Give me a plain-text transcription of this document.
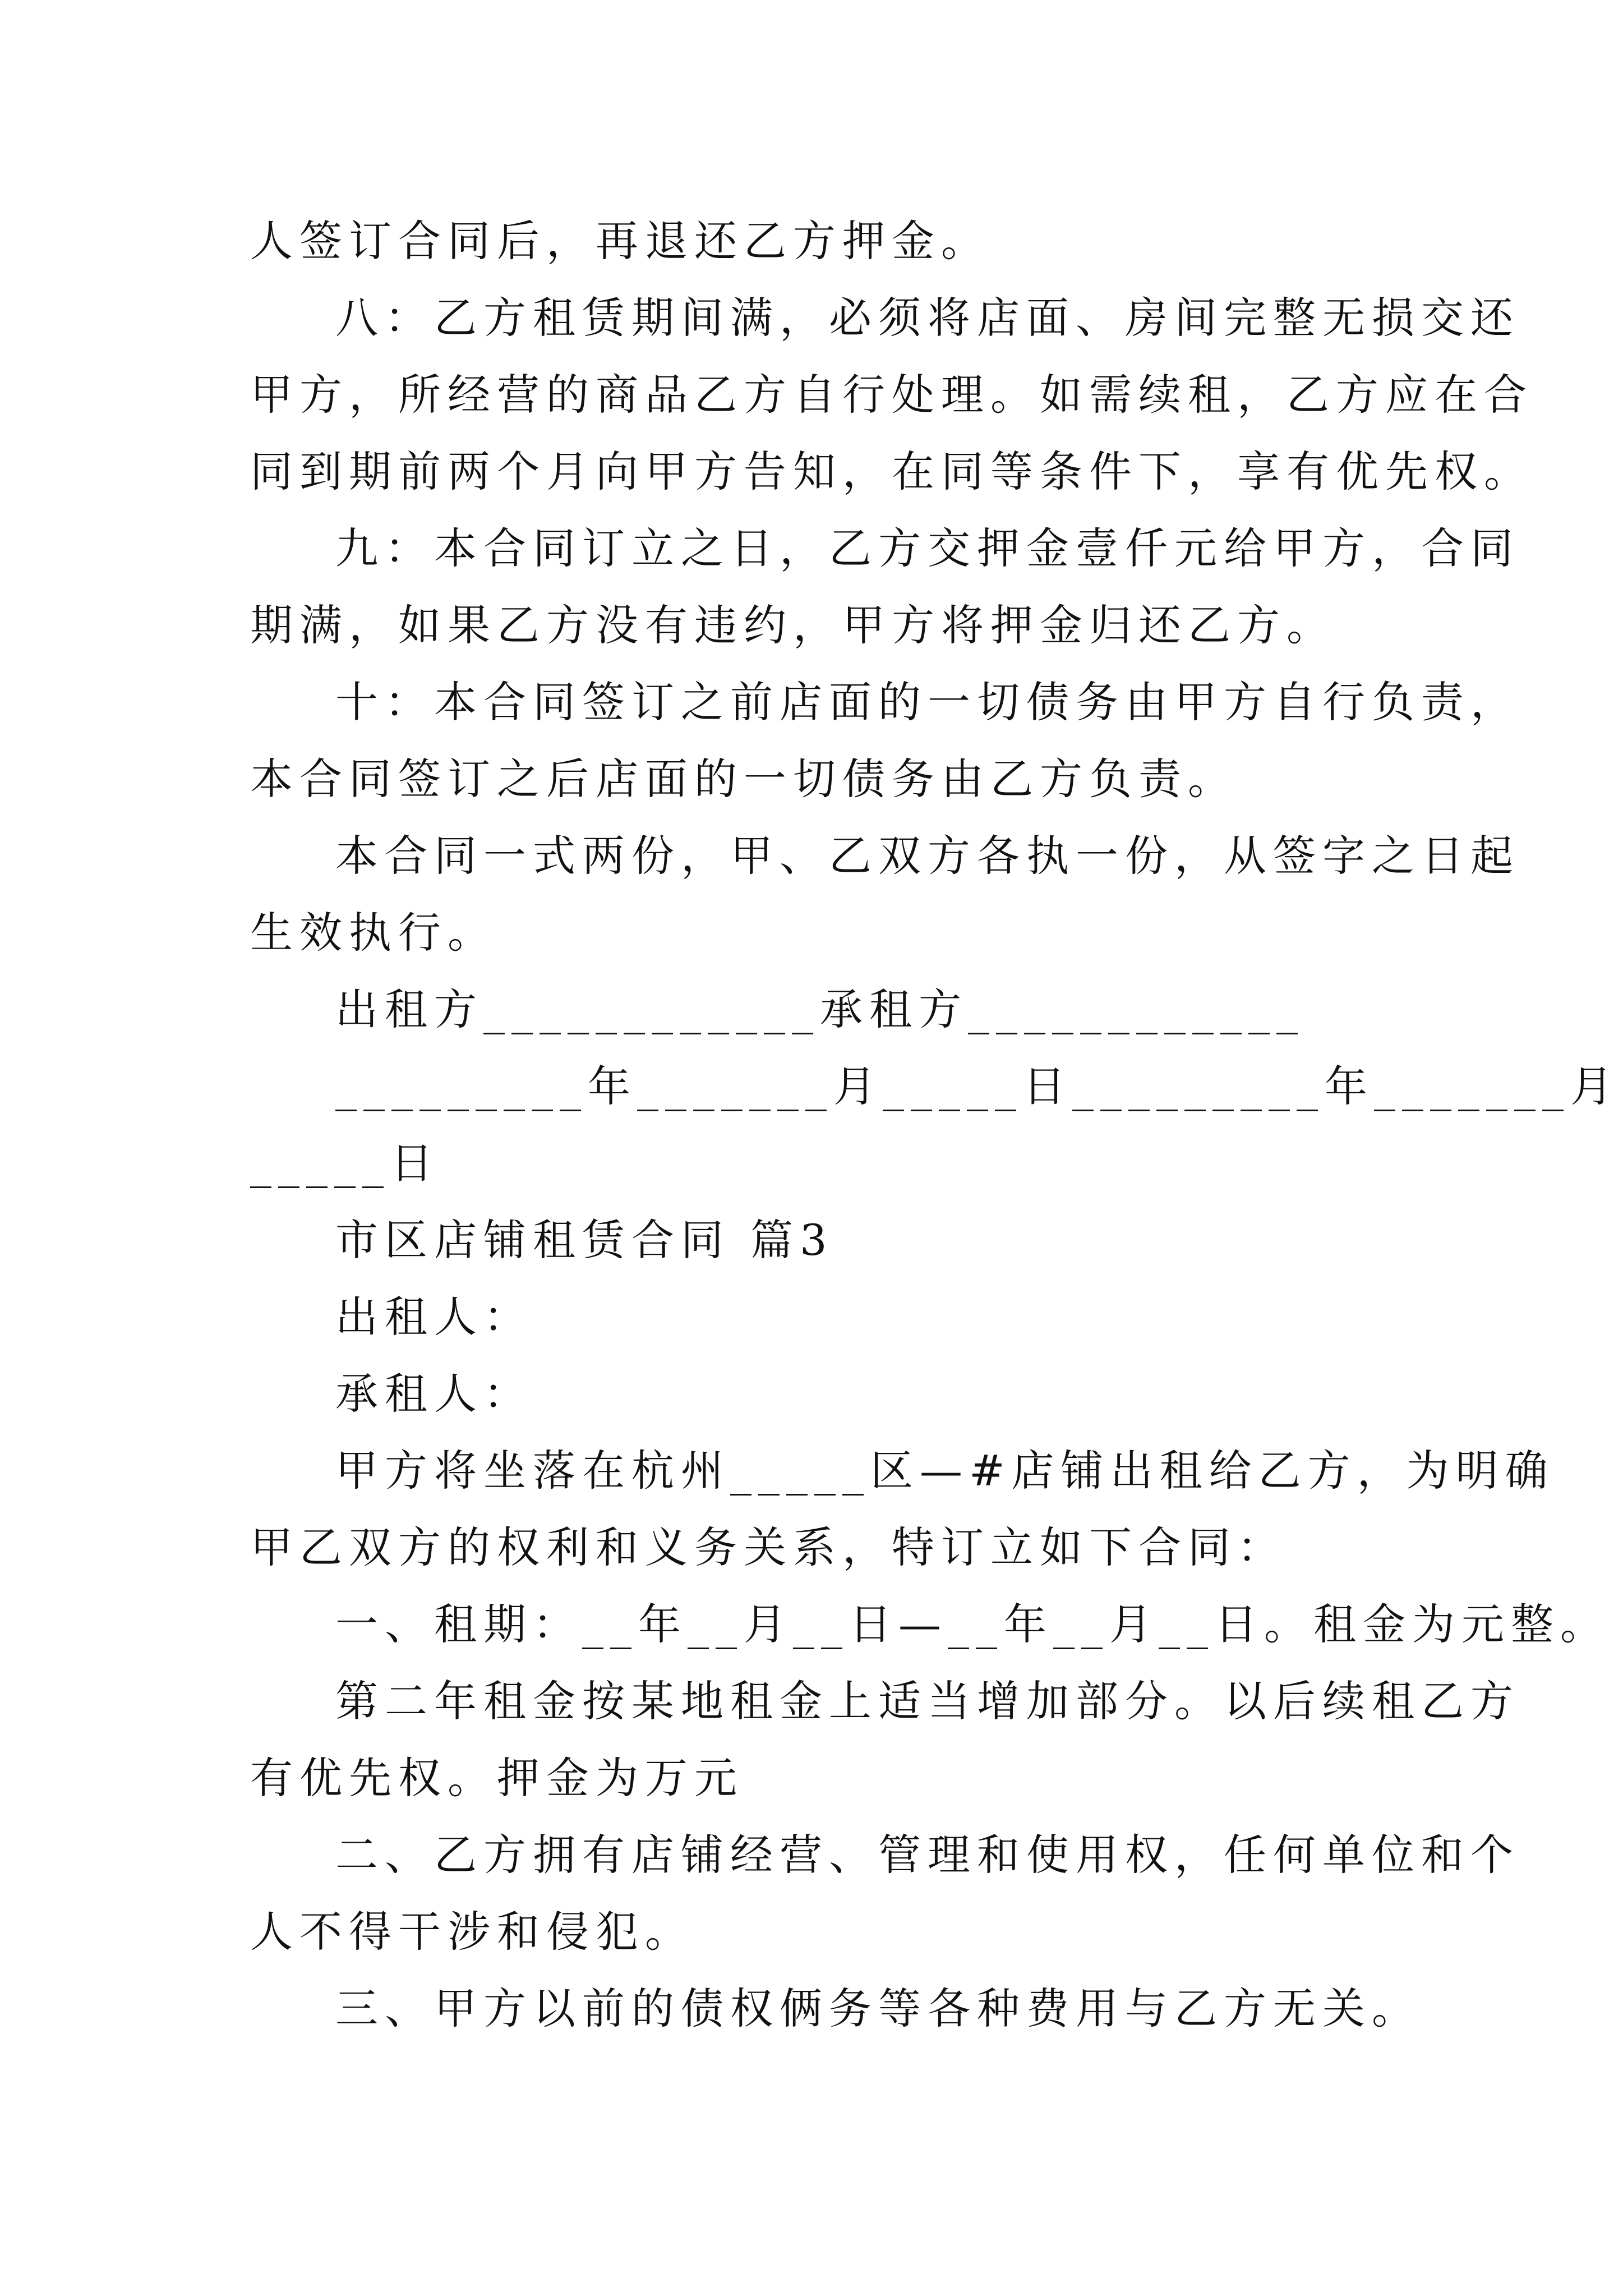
人签订合同后，再退还乙方押金。
八：乙方租赁期间满，必须将店面、房间完整无损交还
甲方，所经营的商品乙方自行处理。如需续租，乙方应在合
同到期前两个月向甲方告知，在同等条件下，享有优先权。
九：本合同订立之日，乙方交押金壹仟元给甲方，合同
期满，如果乙方没有违约，甲方将押金归还乙方。
十：本合同签订之前店面的一切债务由甲方自行负责，
本合同签订之后店面的一切债务由乙方负责。
本合同一式两份，甲、乙双方各执一份，从签字之日起
生效执行。
出租方____________承租方____________
_________年_______月_____日_________年_______月
_____日
市区店铺租赁合同 篇3
出租人：
承租人：
甲方将坐落在杭州_____区—#店铺出租给乙方，为明确
甲乙双方的权利和义务关系，特订立如下合同：
一、租期：__年__月__日—__年__月__日。租金为元整。
第二年租金按某地租金上适当增加部分。以后续租乙方
有优先权。押金为万元
二、乙方拥有店铺经营、管理和使用权，任何单位和个
人不得干涉和侵犯。
三、甲方以前的债权俩务等各种费用与乙方无关。
